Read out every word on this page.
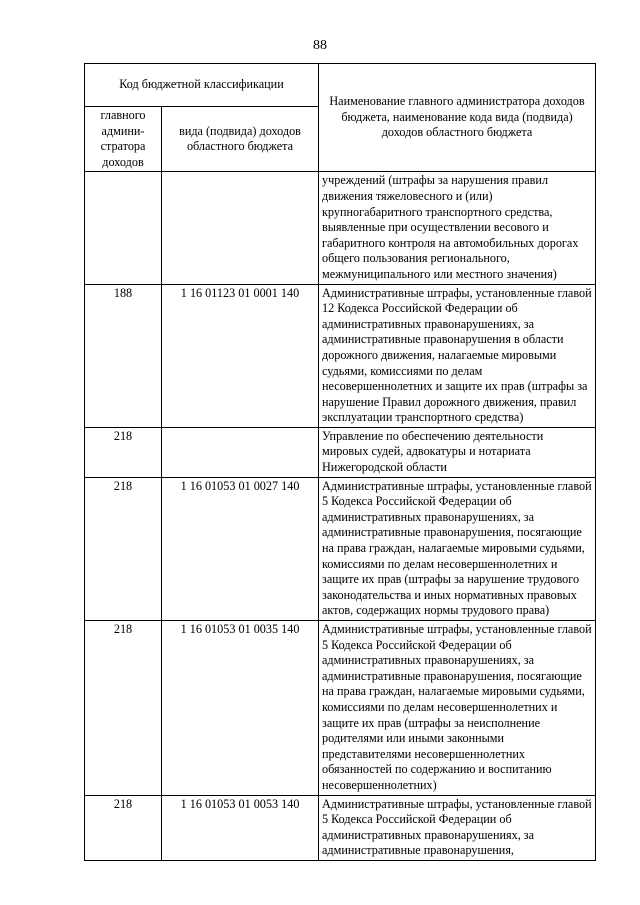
88
Код бюджетной классификации		Наименование главного администратора доходов бюджета, наименование кода вида (подвида) доходов областного бюджета
главного админи-стратора доходов	вида (подвида) доходов областного бюджета	
		учреждений (штрафы за нарушения правил движения тяжеловесного и (или) крупногабаритного транспортного средства, выявленные при осуществлении весового и габаритного контроля на автомобильных дорогах общего пользования регионального, межмуниципального или местного значения)
188	1 16 01123 01 0001 140	Административные штрафы, установленные главой 12 Кодекса Российской Федерации об административных правонарушениях, за административные правонарушения в области дорожного движения, налагаемые мировыми судьями, комиссиями по делам несовершеннолетних и защите их прав (штрафы за нарушение Правил дорожного движения, правил эксплуатации транспортного средства)
218		Управление по обеспечению деятельности мировых судей, адвокатуры и нотариата Нижегородской области
218	1 16 01053 01 0027 140	Административные штрафы, установленные главой 5 Кодекса Российской Федерации об административных правонарушениях, за административные правонарушения, посягающие на права граждан, налагаемые мировыми судьями, комиссиями по делам несовершеннолетних и защите их прав (штрафы за нарушение трудового законодательства и иных нормативных правовых актов, содержащих нормы трудового права)
218	1 16 01053 01 0035 140	Административные штрафы, установленные главой 5 Кодекса Российской Федерации об административных правонарушениях, за административные правонарушения, посягающие на права граждан, налагаемые мировыми судьями, комиссиями по делам несовершеннолетних и защите их прав (штрафы за неисполнение родителями или иными законными представителями несовершеннолетних обязанностей по содержанию и воспитанию несовершеннолетних)
218	1 16 01053 01 0053 140	Административные штрафы, установленные главой 5 Кодекса Российской Федерации об административных правонарушениях, за административные правонарушения,
